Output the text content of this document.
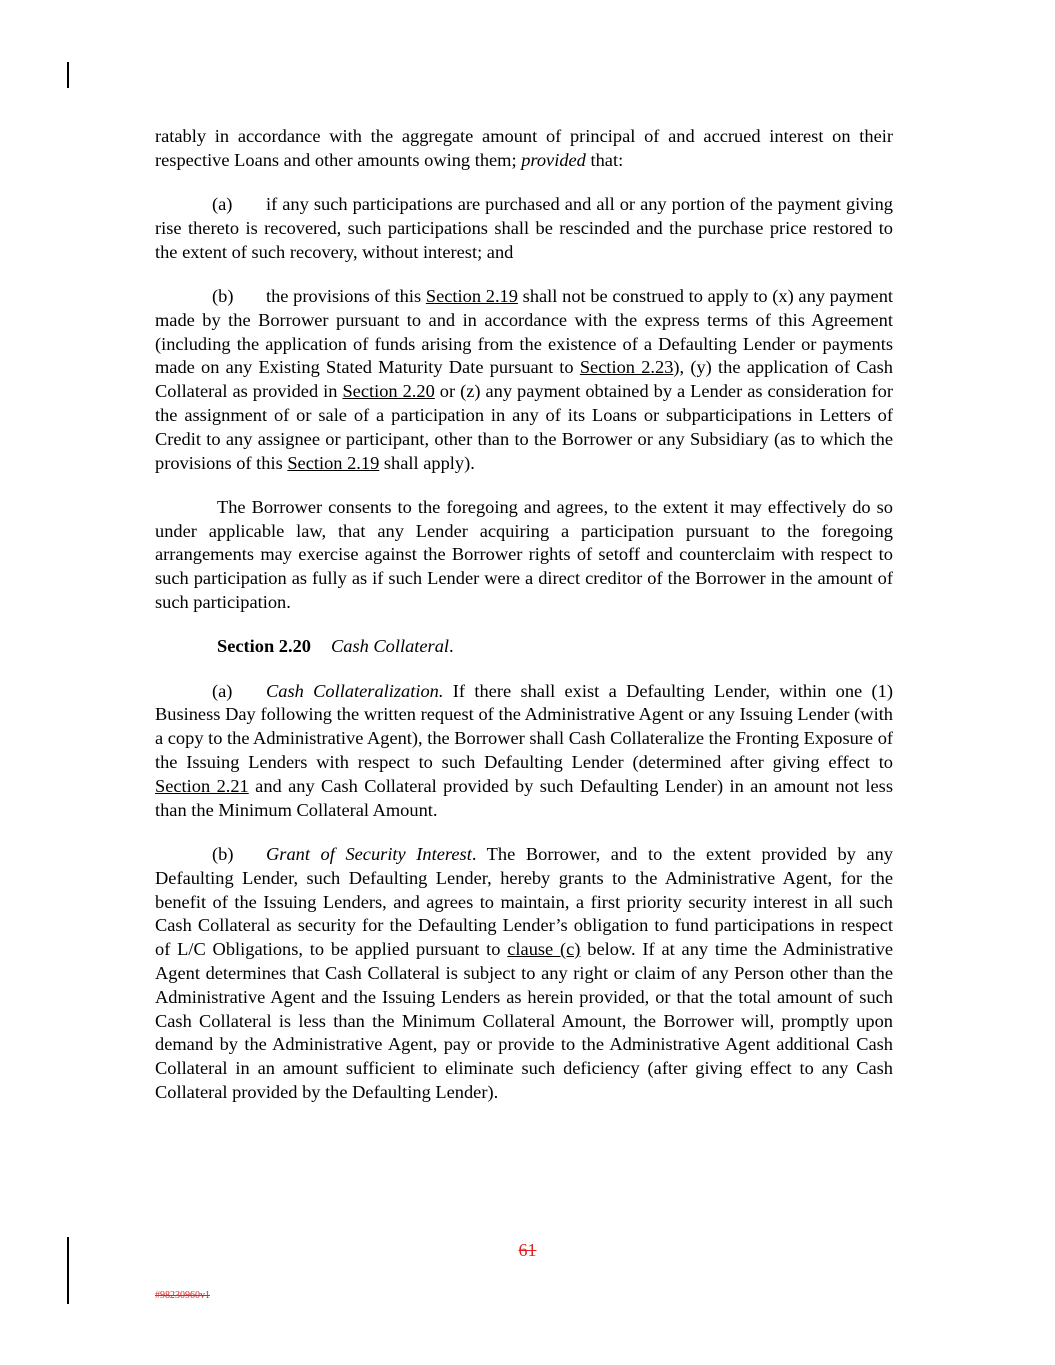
ratably in accordance with the aggregate amount of principal of and accrued interest on their respective Loans and other amounts owing them; provided that:

(a) if any such participations are purchased and all or any portion of the payment giving rise thereto is recovered, such participations shall be rescinded and the purchase price restored to the extent of such recovery, without interest; and

(b) the provisions of this Section 2.19 shall not be construed to apply to (x) any payment made by the Borrower pursuant to and in accordance with the express terms of this Agreement (including the application of funds arising from the existence of a Defaulting Lender or payments made on any Existing Stated Maturity Date pursuant to Section 2.23), (y) the application of Cash Collateral as provided in Section 2.20 or (z) any payment obtained by a Lender as consideration for the assignment of or sale of a participation in any of its Loans or subparticipations in Letters of Credit to any assignee or participant, other than to the Borrower or any Subsidiary (as to which the provisions of this Section 2.19 shall apply).

The Borrower consents to the foregoing and agrees, to the extent it may effectively do so under applicable law, that any Lender acquiring a participation pursuant to the foregoing arrangements may exercise against the Borrower rights of setoff and counterclaim with respect to such participation as fully as if such Lender were a direct creditor of the Borrower in the amount of such participation.

Section 2.20 Cash Collateral.

(a) Cash Collateralization. If there shall exist a Defaulting Lender, within one (1) Business Day following the written request of the Administrative Agent or any Issuing Lender (with a copy to the Administrative Agent), the Borrower shall Cash Collateralize the Fronting Exposure of the Issuing Lenders with respect to such Defaulting Lender (determined after giving effect to Section 2.21 and any Cash Collateral provided by such Defaulting Lender) in an amount not less than the Minimum Collateral Amount.

(b) Grant of Security Interest. The Borrower, and to the extent provided by any Defaulting Lender, such Defaulting Lender, hereby grants to the Administrative Agent, for the benefit of the Issuing Lenders, and agrees to maintain, a first priority security interest in all such Cash Collateral as security for the Defaulting Lender’s obligation to fund participations in respect of L/C Obligations, to be applied pursuant to clause (c) below. If at any time the Administrative Agent determines that Cash Collateral is subject to any right or claim of any Person other than the Administrative Agent and the Issuing Lenders as herein provided, or that the total amount of such Cash Collateral is less than the Minimum Collateral Amount, the Borrower will, promptly upon demand by the Administrative Agent, pay or provide to the Administrative Agent additional Cash Collateral in an amount sufficient to eliminate such deficiency (after giving effect to any Cash Collateral provided by the Defaulting Lender).

61
#98230960v1
